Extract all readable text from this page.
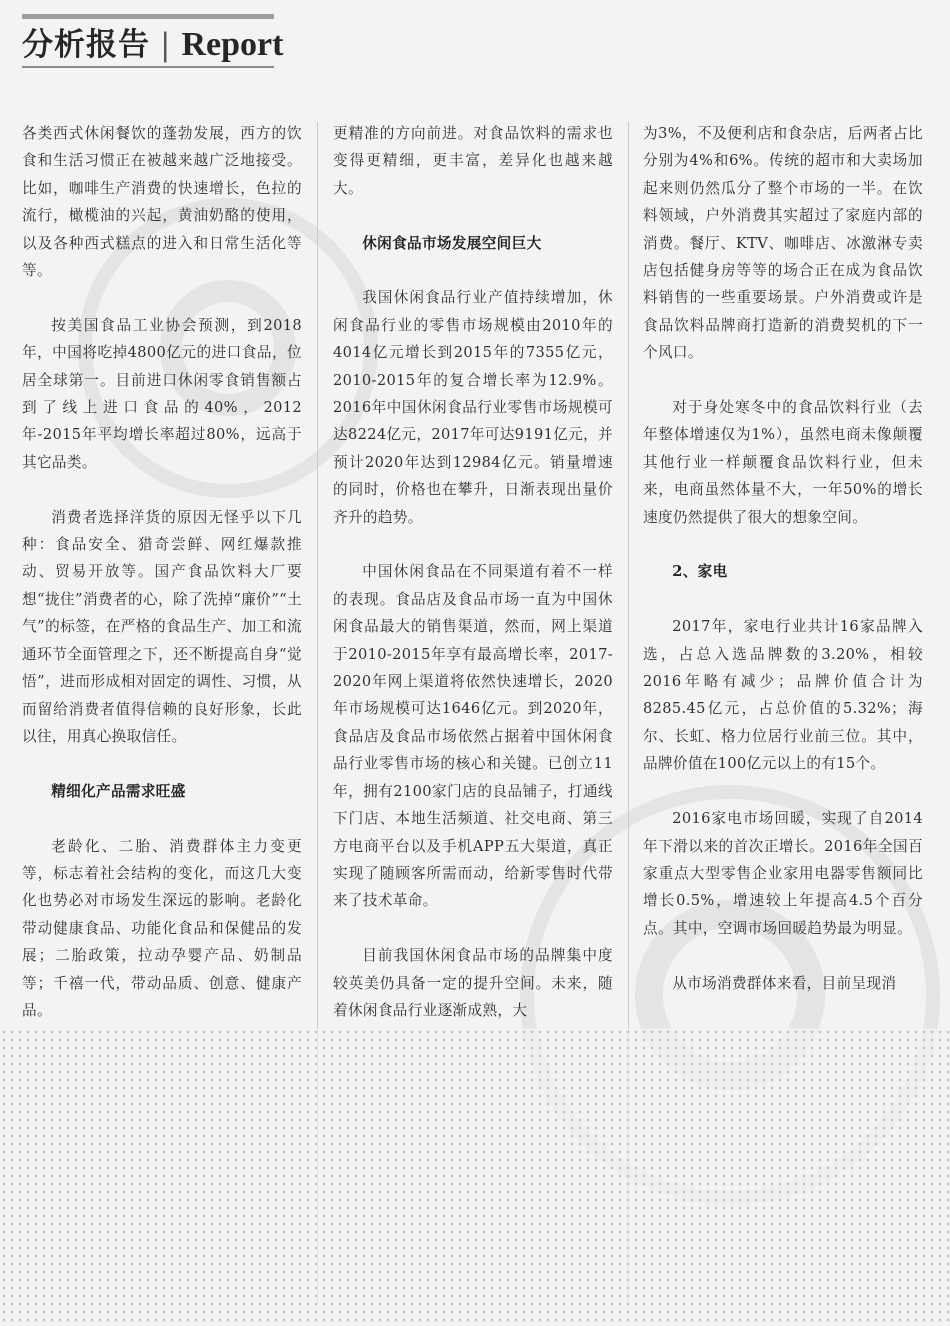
分析报告 | Report

各类西式休闲餐饮的蓬勃发展，西方的饮食和生活习惯正在被越来越广泛地接受。比如，咖啡生产消费的快速增长，色拉的流行，橄榄油的兴起，黄油奶酪的使用，以及各种西式糕点的进入和日常生活化等等。

按美国食品工业协会预测，到2018年，中国将吃掉4800亿元的进口食品，位居全球第一。目前进口休闲零食销售额占到了线上进口食品的40%，2012年-2015年平均增长率超过80%，远高于其它品类。

消费者选择洋货的原因无怪乎以下几种：食品安全、猎奇尝鲜、网红爆款推动、贸易开放等。国产食品饮料大厂要想“拢住”消费者的心，除了洗掉“廉价”“土气”的标签，在严格的食品生产、加工和流通环节全面管理之下，还不断提高自身“觉悟”，进而形成相对固定的调性、习惯，从而留给消费者值得信赖的良好形象，长此以往，用真心换取信任。

精细化产品需求旺盛

老龄化、二胎、消费群体主力变更等，标志着社会结构的变化，而这几大变化也势必对市场发生深远的影响。老龄化带动健康食品、功能化食品和保健品的发展；二胎政策，拉动孕婴产品、奶制品等；千禧一代，带动品质、创意、健康产品。

更精准的方向前进。对食品饮料的需求也变得更精细，更丰富，差异化也越来越大。

休闲食品市场发展空间巨大

我国休闲食品行业产值持续增加，休闲食品行业的零售市场规模由2010年的4014亿元增长到2015年的7355亿元，2010-2015年的复合增长率为12.9%。2016年中国休闲食品行业零售市场规模可达8224亿元，2017年可达9191亿元，并预计2020年达到12984亿元。销量增速的同时，价格也在攀升，日渐表现出量价齐升的趋势。

中国休闲食品在不同渠道有着不一样的表现。食品店及食品市场一直为中国休闲食品最大的销售渠道，然而，网上渠道于2010-2015年享有最高增长率，2017-2020年网上渠道将依然快速增长，2020年市场规模可达1646亿元。到2020年，食品店及食品市场依然占据着中国休闲食品行业零售市场的核心和关键。已创立11年，拥有2100家门店的良品铺子，打通线下门店、本地生活频道、社交电商、第三方电商平台以及手机APP五大渠道，真正实现了随顾客所需而动，给新零售时代带来了技术革命。

目前我国休闲食品市场的品牌集中度较英美仍具备一定的提升空间。未来，随着休闲食品行业逐渐成熟，大

为3%，不及便利店和食杂店，后两者占比分别为4%和6%。传统的超市和大卖场加起来则仍然瓜分了整个市场的一半。在饮料领域，户外消费其实超过了家庭内部的消费。餐厅、KTV、咖啡店、冰激淋专卖店包括健身房等等的场合正在成为食品饮料销售的一些重要场景。户外消费或许是食品饮料品牌商打造新的消费契机的下一个风口。

对于身处寒冬中的食品饮料行业（去年整体增速仅为1%），虽然电商未像颠覆其他行业一样颠覆食品饮料行业，但未来，电商虽然体量不大，一年50%的增长速度仍然提供了很大的想象空间。

2、家电

2017年，家电行业共计16家品牌入选，占总入选品牌数的3.20%，相较2016年略有减少；品牌价值合计为8285.45亿元，占总价值的5.32%；海尔、长虹、格力位居行业前三位。其中，品牌价值在100亿元以上的有15个。

2016家电市场回暖，实现了自2014年下滑以来的首次正增长。2016年全国百家重点大型零售企业家用电器零售额同比增长0.5%，增速较上年提高4.5个百分点。其中，空调市场回暖趋势最为明显。

从市场消费群体来看，目前呈现消
